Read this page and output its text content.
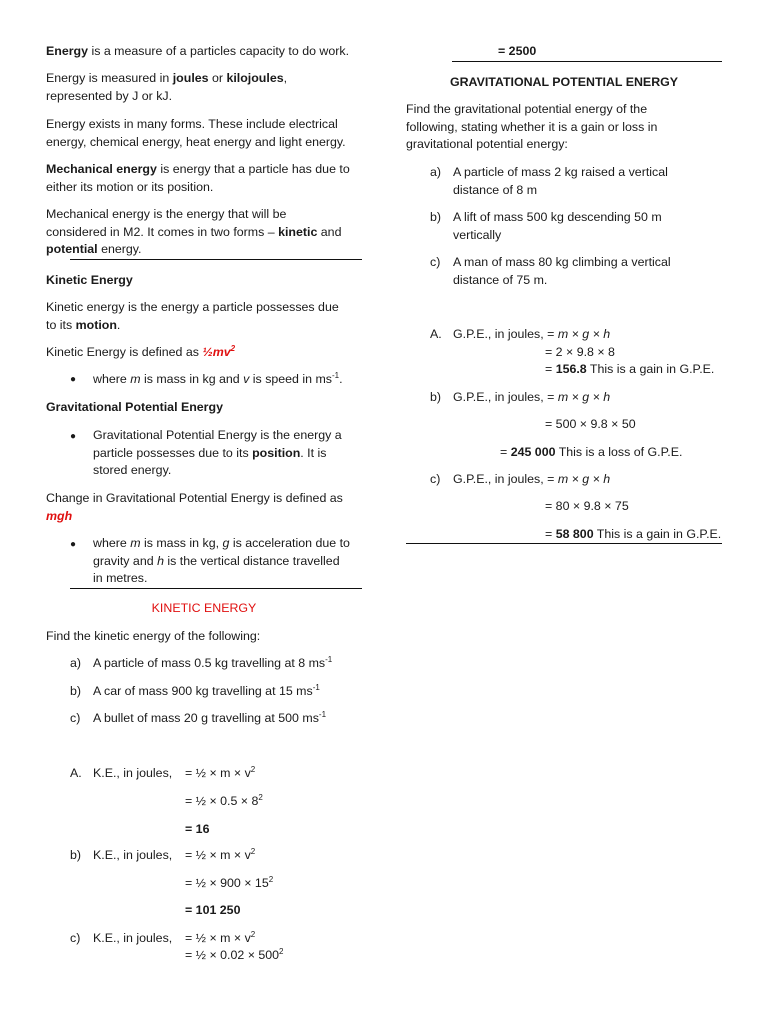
Energy is a measure of a particles capacity to do work.
Energy is measured in joules or kilojoules,
represented by J or kJ.
Energy exists in many forms. These include electrical
energy, chemical energy, heat energy and light energy.
Mechanical energy is energy that a particle has due to
either its motion or its position.
Mechanical energy is the energy that will be
considered in M2. It comes in two forms – kinetic and
potential energy.
Kinetic Energy
Kinetic energy is the energy a particle possesses due
to its motion.
Kinetic Energy is defined as $\frac{1}{2}mv^2$
● where m is mass in kg and v is speed in $ms^{-1}$.
Gravitational Potential Energy
● Gravitational Potential Energy is the energy a
particle possesses due to its position. It is
stored energy.
Change in Gravitational Potential Energy is defined as
mgh
● where m is mass in kg, g is acceleration due to
gravity and h is the vertical distance travelled
in metres.
KINETIC ENERGY
Find the kinetic energy of the following:
a) A particle of mass 0.5 kg travelling at 8 $ms^{-1}$
b) A car of mass 900 kg travelling at 15 $ms^{-1}$
c) A bullet of mass 20 g travelling at 500 $ms^{-1}$
A. K.E., in joules, = ½ × $m \times v^2$
= ½ × $0.5 \times 8^2$
= 16
b) K.E., in joules, = ½ × $m \times v^2$
= ½ × $900 \times 15^2$
= 101 250
c) K.E., in joules, = ½ × $m \times v^2$
= ½ × $0.02 \times 500^2$
= 2500
GRAVITATIONAL POTENTIAL ENERGY
Find the gravitational potential energy of the
following, stating whether it is a gain or loss in
gravitational potential energy:
a) A particle of mass 2 kg raised a vertical
distance of 8 m
b) A lift of mass 500 kg descending 50 m
vertically
c) A man of mass 80 kg climbing a vertical
distance of 75 m.
A. G.P.E., in joules, = m × g × h
= 2 × 9.8 × 8
= 156.8 This is a gain in G.P.E.
b) G.P.E., in joules, = m × g × h
= 500 × 9.8 × 50
= 245 000 This is a loss of G.P.E.
c) G.P.E., in joules, = m × g × h
= 80 × 9.8 × 75
= 58 800 This is a gain in G.P.E.
